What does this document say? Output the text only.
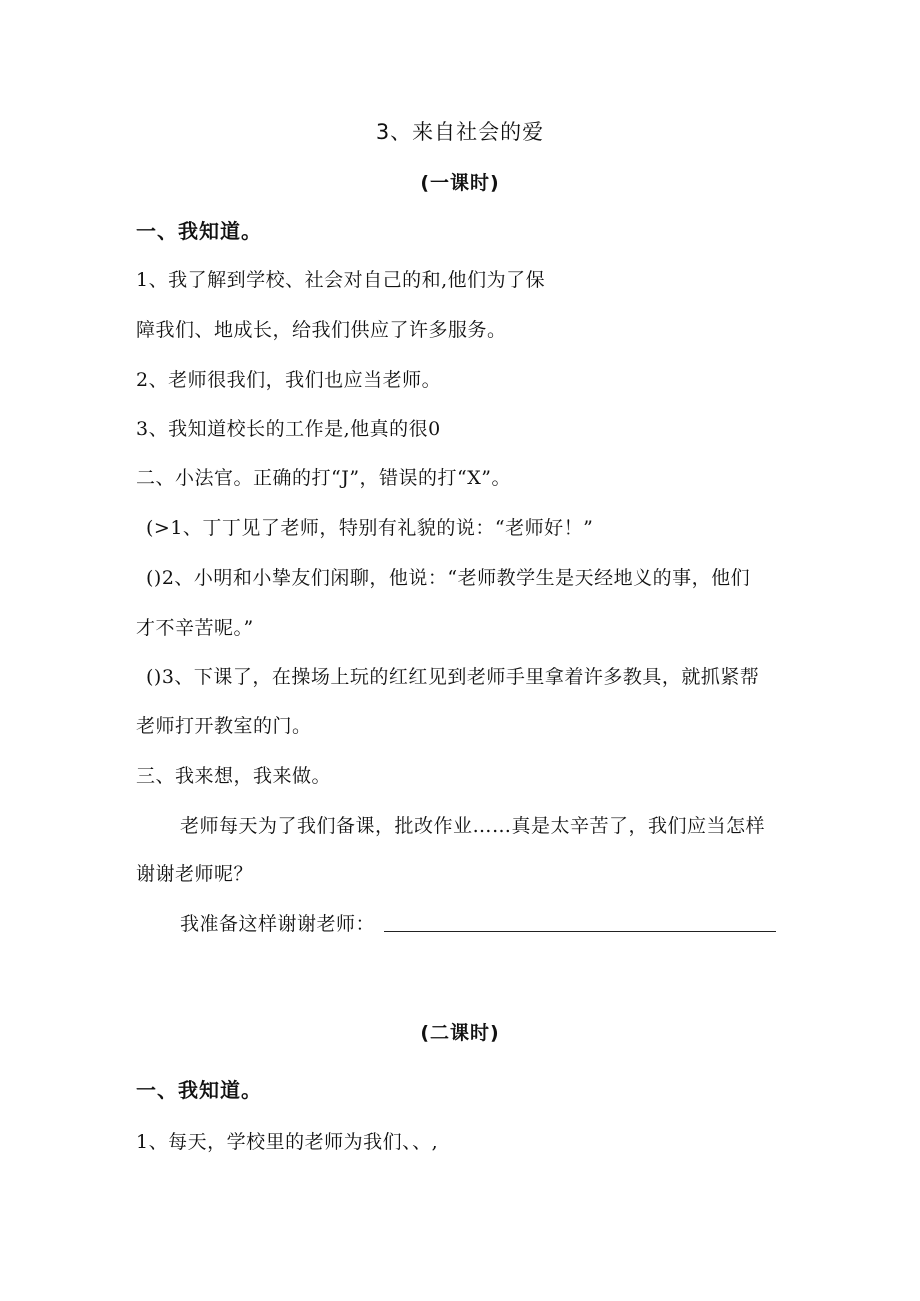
3、来自社会的爱
(一课时)
一、我知道。
1、我了解到学校、社会对自己的和,他们为了保
障我们、地成长，给我们供应了许多服务。
2、老师很我们，我们也应当老师。
3、我知道校长的工作是,他真的很0
二、小法官。正确的打“J”，错误的打“X”。
(>1、丁丁见了老师，特别有礼貌的说：“老师好！”
()2、小明和小挚友们闲聊，他说：“老师教学生是天经地义的事，他们
才不辛苦呢。”
()3、下课了，在操场上玩的红红见到老师手里拿着许多教具，就抓紧帮
老师打开教室的门。
三、我来想，我来做。
老师每天为了我们备课，批改作业……真是太辛苦了，我们应当怎样
谢谢老师呢？
我准备这样谢谢老师：
(二课时)
一、我知道。
1、每天，学校里的老师为我们、、,
